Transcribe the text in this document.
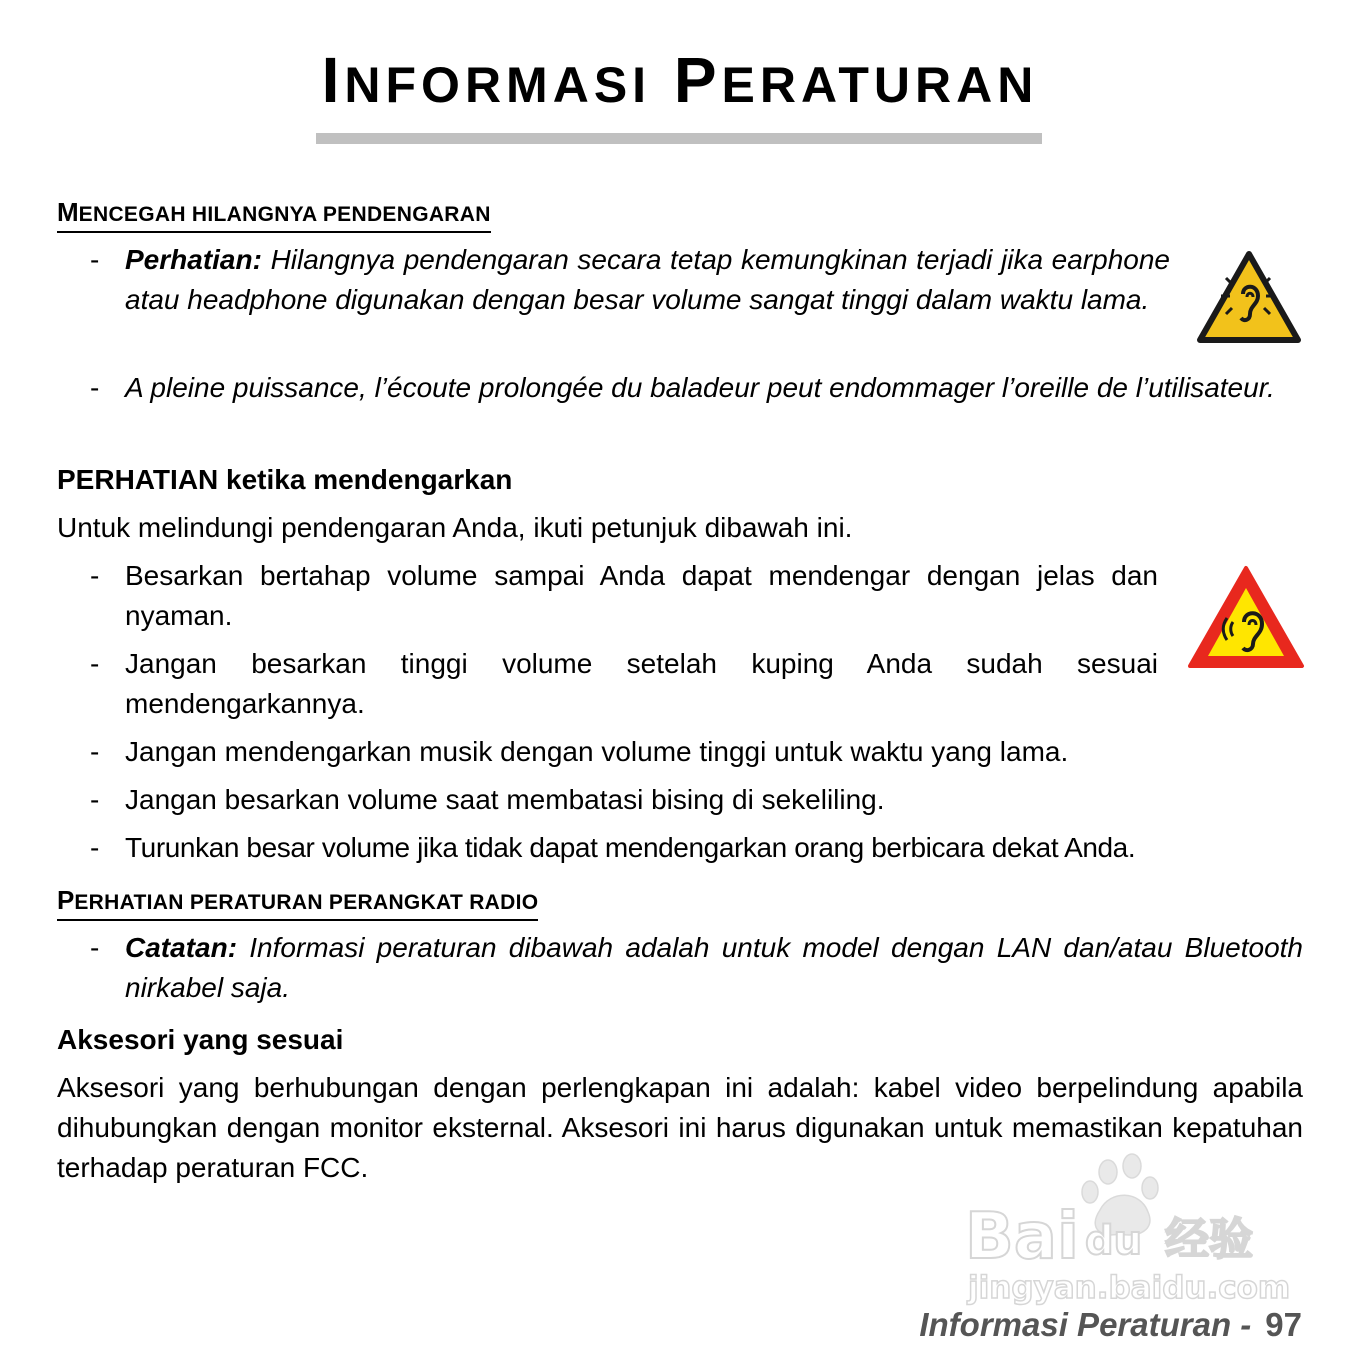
INFORMASI PERATURAN
MENCEGAH HILANGNYA PENDENGARAN
- Perhatian: Hilangnya pendengaran secara tetap kemungkinan terjadi jika earphone atau headphone digunakan dengan besar volume sangat tinggi dalam waktu lama.
- A pleine puissance, l’écoute prolongée du baladeur peut endommager l’oreille de l’utilisateur.
PERHATIAN ketika mendengarkan

Untuk melindungi pendengaran Anda, ikuti petunjuk dibawah ini.

- Besarkan bertahap volume sampai Anda dapat mendengar dengan jelas dan nyaman.
- Jangan besarkan tinggi volume setelah kuping Anda sudah sesuai mendengarkannya.
- Jangan mendengarkan musik dengan volume tinggi untuk waktu yang lama.
- Jangan besarkan volume saat membatasi bising di sekeliling.
- Turunkan besar volume jika tidak dapat mendengarkan orang berbicara dekat Anda.
PERHATIAN PERATURAN PERANGKAT RADIO
- Catatan: Informasi peraturan dibawah adalah untuk model dengan LAN dan/atau Bluetooth nirkabel saja.
Aksesori yang sesuai

Aksesori yang berhubungan dengan perlengkapan ini adalah: kabel video berpelindung apabila dihubungkan dengan monitor eksternal. Aksesori ini harus digunakan untuk memastikan kepatuhan terhadap peraturan FCC.

Bai du 经验
jingyan.baidu.com
Informasi Peraturan - 97
